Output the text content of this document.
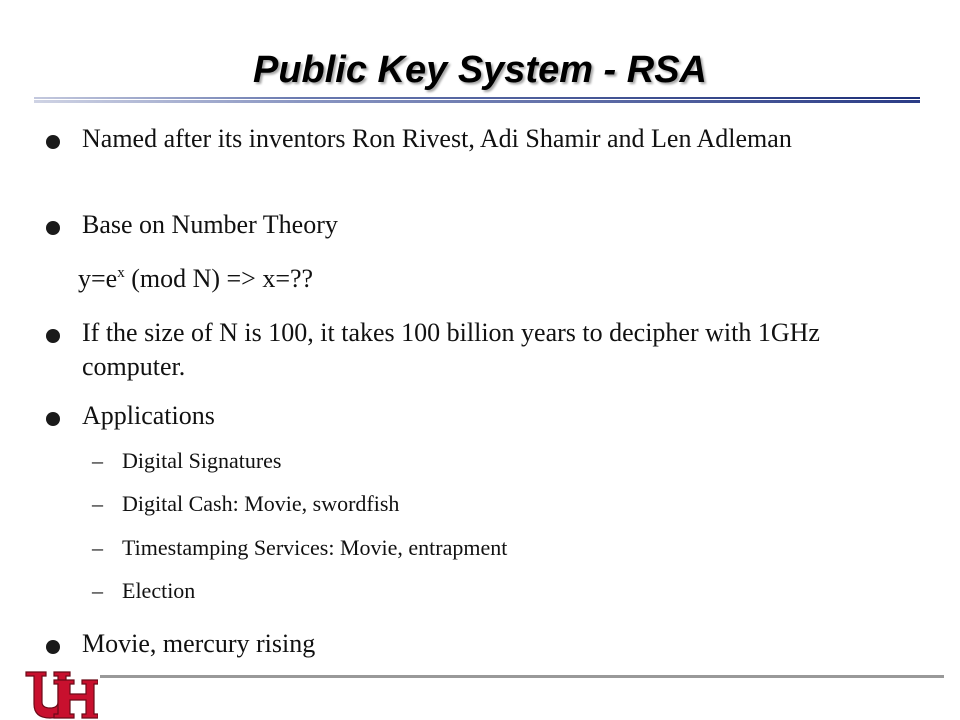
Public Key System - RSA
Named after its inventors Ron Rivest, Adi Shamir and Len Adleman
Base on Number Theory
$y=e^x$ (mod N) => x=??
If the size of N is 100, it takes 100 billion years to decipher with 1GHz computer.
Applications
– Digital Signatures
– Digital Cash: Movie, swordfish
– Timestamping Services: Movie, entrapment
– Election
Movie, mercury rising
